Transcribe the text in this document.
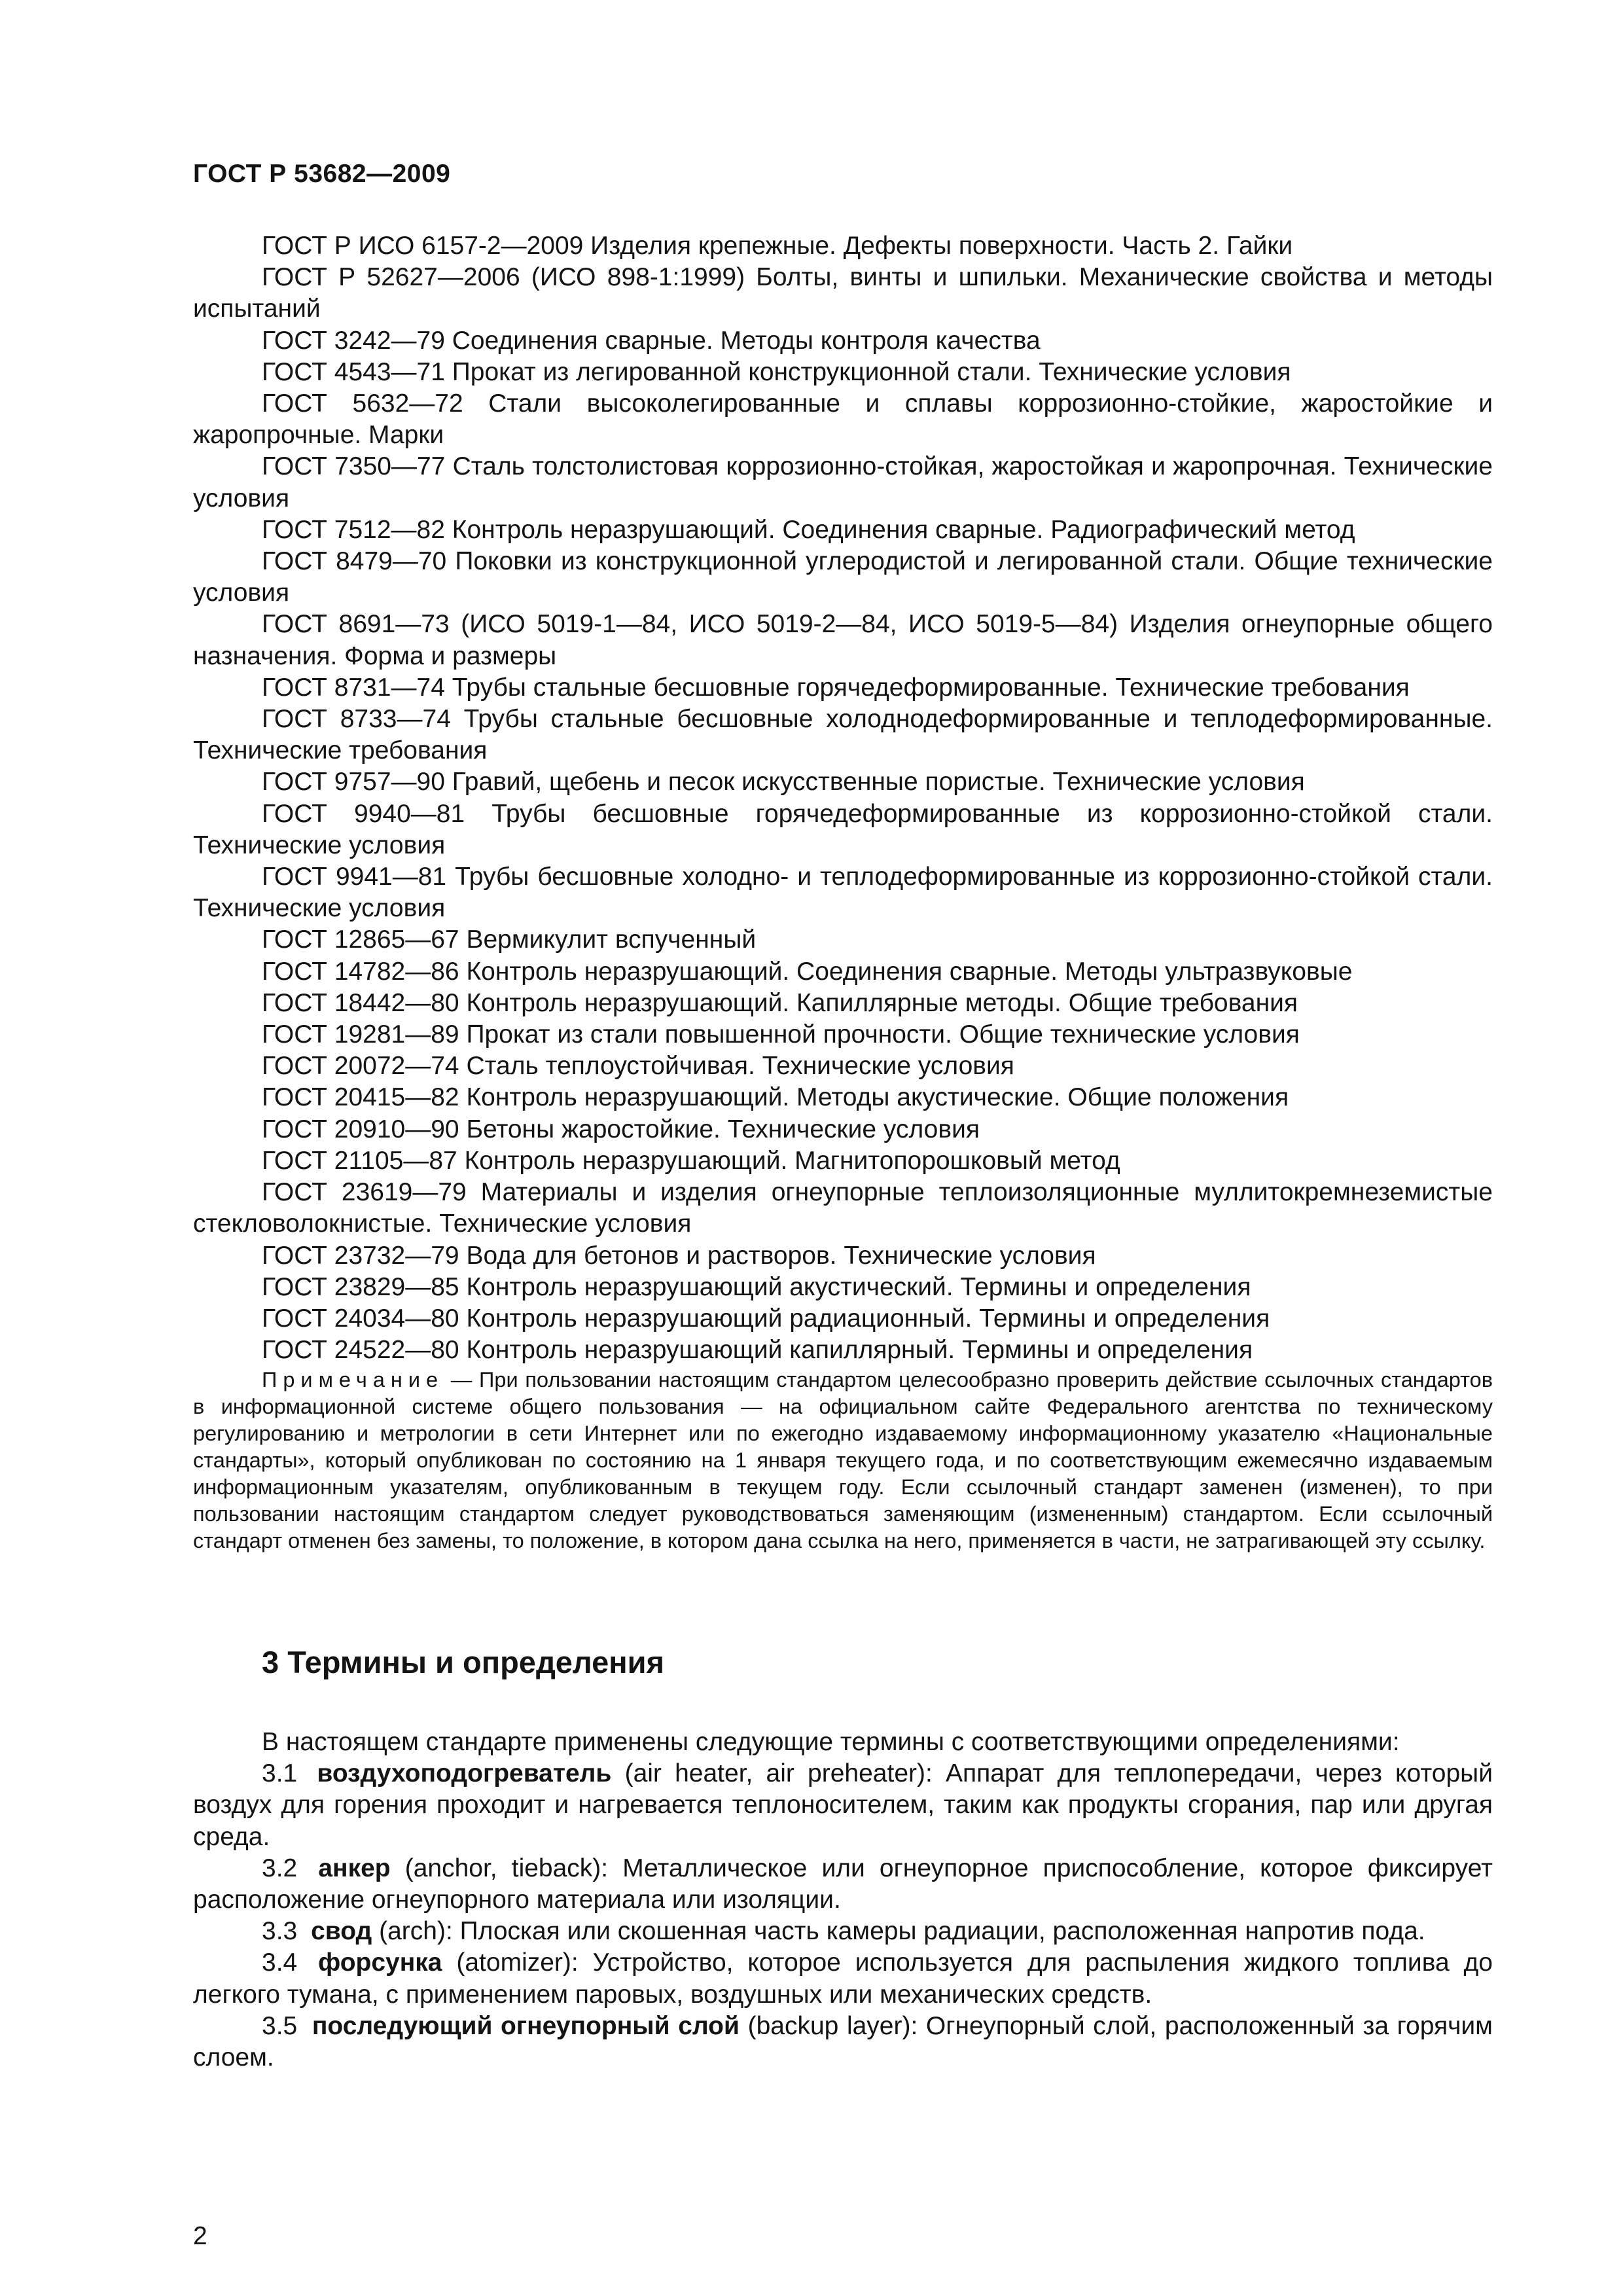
ГОСТ Р 53682—2009

ГОСТ Р ИСО 6157-2—2009 Изделия крепежные. Дефекты поверхности. Часть 2. Гайки

ГОСТ Р 52627—2006 (ИСО 898-1:1999) Болты, винты и шпильки. Механические свойства и методы испытаний

ГОСТ 3242—79 Соединения сварные. Методы контроля качества

ГОСТ 4543—71 Прокат из легированной конструкционной стали. Технические условия

ГОСТ 5632—72 Стали высоколегированные и сплавы коррозионно-стойкие, жаростойкие и жаропрочные. Марки

ГОСТ 7350—77 Сталь толстолистовая коррозионно-стойкая, жаростойкая и жаропрочная. Технические условия

ГОСТ 7512—82 Контроль неразрушающий. Соединения сварные. Радиографический метод

ГОСТ 8479—70 Поковки из конструкционной углеродистой и легированной стали. Общие технические условия

ГОСТ 8691—73 (ИСО 5019-1—84, ИСО 5019-2—84, ИСО 5019-5—84) Изделия огнеупорные общего назначения. Форма и размеры

ГОСТ 8731—74 Трубы стальные бесшовные горячедеформированные. Технические требования

ГОСТ 8733—74 Трубы стальные бесшовные холоднодеформированные и теплодеформированные. Технические требования

ГОСТ 9757—90 Гравий, щебень и песок искусственные пористые. Технические условия

ГОСТ 9940—81 Трубы бесшовные горячедеформированные из коррозионно-стойкой стали. Технические условия

ГОСТ 9941—81 Трубы бесшовные холодно- и теплодеформированные из коррозионно-стойкой стали. Технические условия

ГОСТ 12865—67 Вермикулит вспученный

ГОСТ 14782—86 Контроль неразрушающий. Соединения сварные. Методы ультразвуковые

ГОСТ 18442—80 Контроль неразрушающий. Капиллярные методы. Общие требования

ГОСТ 19281—89 Прокат из стали повышенной прочности. Общие технические условия

ГОСТ 20072—74 Сталь теплоустойчивая. Технические условия

ГОСТ 20415—82 Контроль неразрушающий. Методы акустические. Общие положения

ГОСТ 20910—90 Бетоны жаростойкие. Технические условия

ГОСТ 21105—87 Контроль неразрушающий. Магнитопорошковый метод

ГОСТ 23619—79 Материалы и изделия огнеупорные теплоизоляционные муллитокремнеземистые стекловолокнистые. Технические условия

ГОСТ 23732—79 Вода для бетонов и растворов. Технические условия

ГОСТ 23829—85 Контроль неразрушающий акустический. Термины и определения

ГОСТ 24034—80 Контроль неразрушающий радиационный. Термины и определения

ГОСТ 24522—80 Контроль неразрушающий капиллярный. Термины и определения

Примечание — При пользовании настоящим стандартом целесообразно проверить действие ссылочных стандартов в информационной системе общего пользования — на официальном сайте Федерального агентства по техническому регулированию и метрологии в сети Интернет или по ежегодно издаваемому информационному указателю «Национальные стандарты», который опубликован по состоянию на 1 января текущего года, и по соответствующим ежемесячно издаваемым информационным указателям, опубликованным в текущем году. Если ссылочный стандарт заменен (изменен), то при пользовании настоящим стандартом следует руководствоваться заменяющим (измененным) стандартом. Если ссылочный стандарт отменен без замены, то положение, в котором дана ссылка на него, применяется в части, не затрагивающей эту ссылку.

3 Термины и определения

В настоящем стандарте применены следующие термины с соответствующими определениями:

3.1 воздухоподогреватель (air heater, air preheater): Аппарат для теплопередачи, через который воздух для горения проходит и нагревается теплоносителем, таким как продукты сгорания, пар или другая среда.

3.2 анкер (anchor, tieback): Металлическое или огнеупорное приспособление, которое фиксирует расположение огнеупорного материала или изоляции.

3.3 свод (arch): Плоская или скошенная часть камеры радиации, расположенная напротив пода.

3.4 форсунка (atomizer): Устройство, которое используется для распыления жидкого топлива до легкого тумана, с применением паровых, воздушных или механических средств.

3.5 последующий огнеупорный слой (backup layer): Огнеупорный слой, расположенный за горячим слоем.

2
